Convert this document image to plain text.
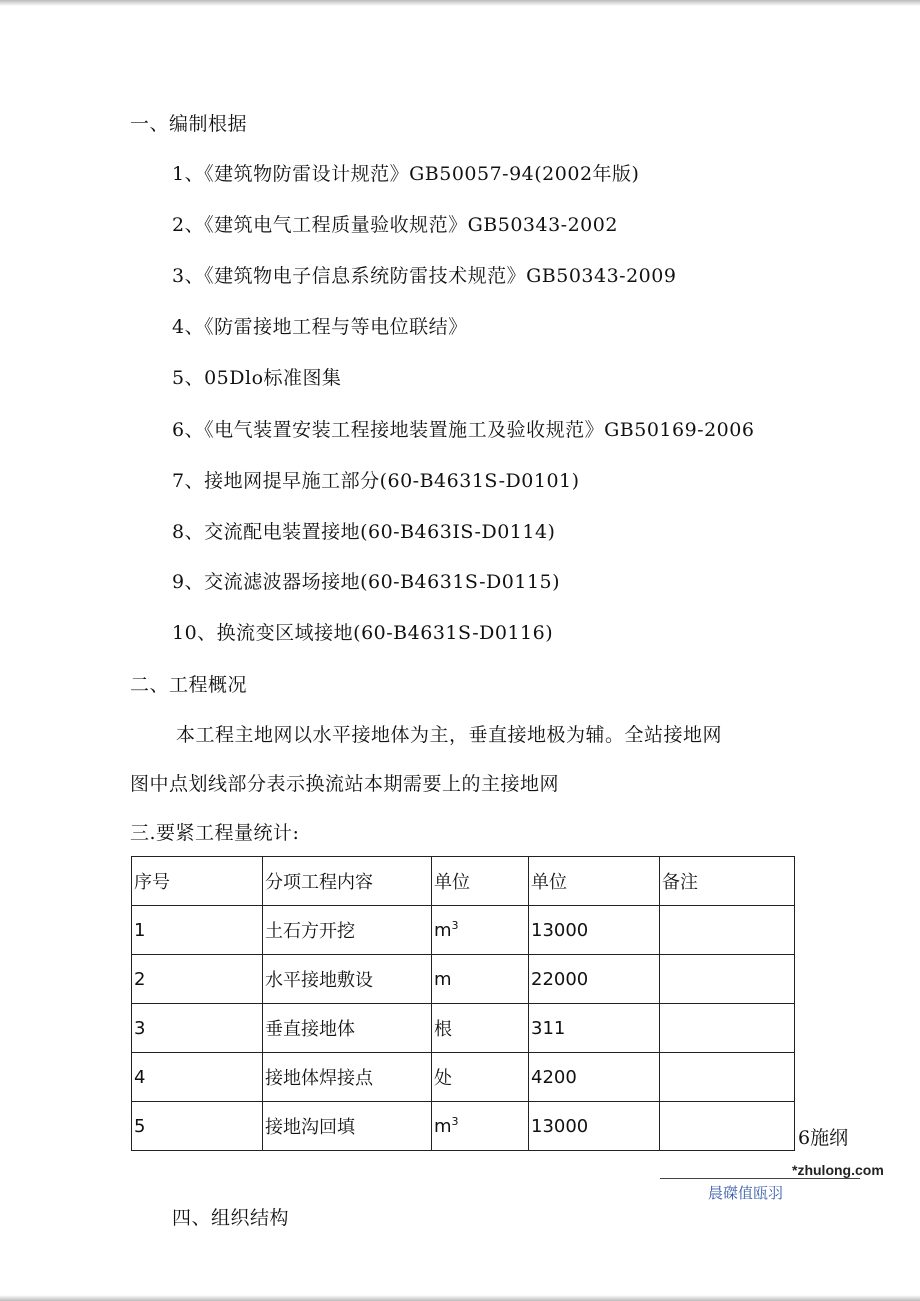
一、编制根据
1、《建筑物防雷设计规范》GB50057-94(2002年版)
2、《建筑电气工程质量验收规范》GB50343-2002
3、《建筑物电子信息系统防雷技术规范》GB50343-2009
4、《防雷接地工程与等电位联结》
5、05Dlo标准图集
6、《电气装置安装工程接地装置施工及验收规范》GB50169-2006
7、接地网提早施工部分(60-B4631S-D0101)
8、交流配电装置接地(60-B463IS-D0114)
9、交流滤波器场接地(60-B4631S-D0115)
10、换流变区域接地(60-B4631S-D0116)
二、工程概况
本工程主地网以水平接地体为主，垂直接地极为辅。全站接地网
图中点划线部分表示换流站本期需要上的主接地网
三.要紧工程量统计:
序号	分项工程内容	单位	单位	备注
1	土石方开挖	$m^3$	13000	
2	水平接地敷设	m	22000	
3	垂直接地体	根	311	
4	接地体焊接点	处	4200	
5	接地沟回填	$m^3$	13000	
6施纲
*zhulong.com
晨磔值瓯羽
四、组织结构
